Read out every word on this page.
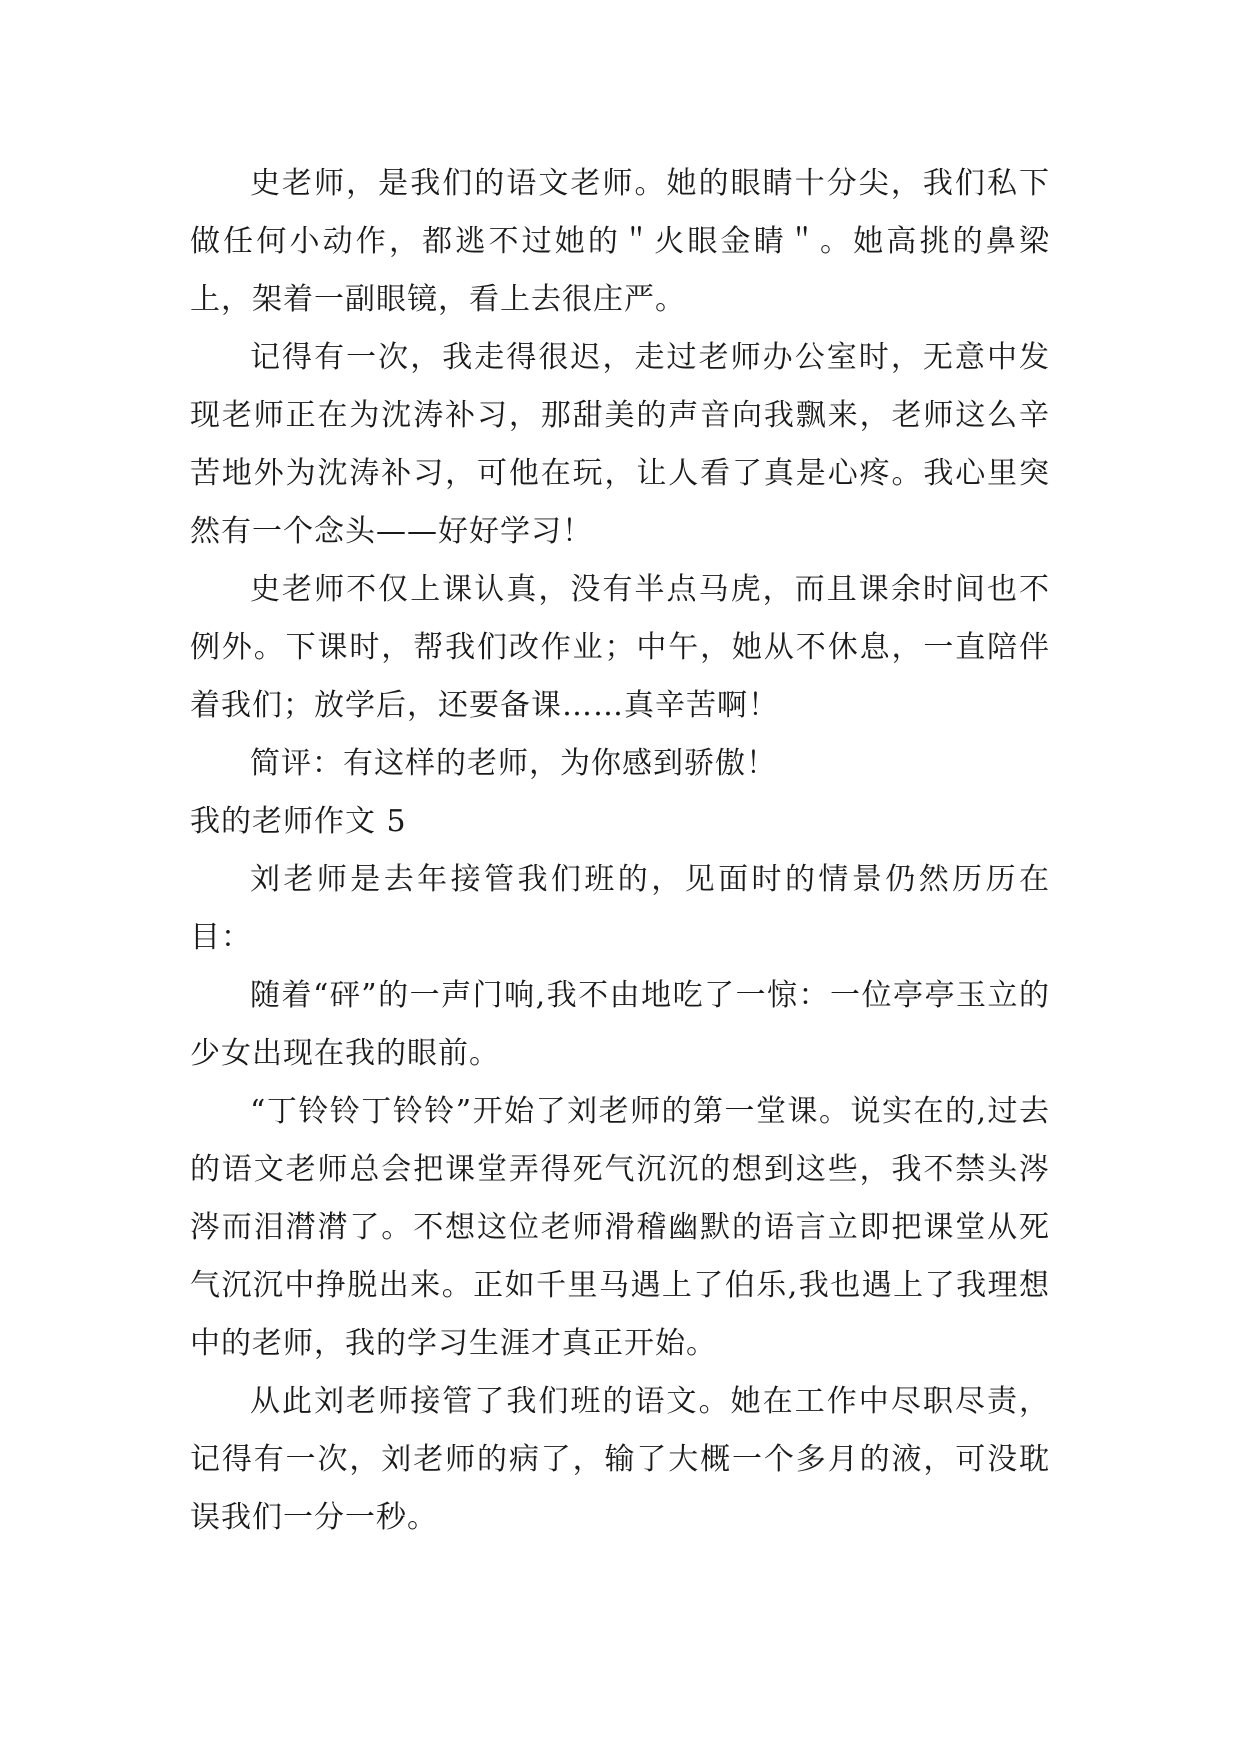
史老师，是我们的语文老师。她的眼睛十分尖，我们私下做任何小动作，都逃不过她的＂火眼金睛＂。她高挑的鼻梁上，架着一副眼镜，看上去很庄严。

记得有一次，我走得很迟，走过老师办公室时，无意中发现老师正在为沈涛补习，那甜美的声音向我飘来，老师这么辛苦地外为沈涛补习，可他在玩，让人看了真是心疼。我心里突然有一个念头——好好学习！

史老师不仅上课认真，没有半点马虎，而且课余时间也不例外。下课时，帮我们改作业；中午，她从不休息，一直陪伴着我们；放学后，还要备课……真辛苦啊！

简评：有这样的老师，为你感到骄傲！

我的老师作文 5

刘老师是去年接管我们班的，见面时的情景仍然历历在目：

随着“砰”的一声门响,我不由地吃了一惊：一位亭亭玉立的少女出现在我的眼前。

“丁铃铃丁铃铃”开始了刘老师的第一堂课。说实在的,过去的语文老师总会把课堂弄得死气沉沉的想到这些，我不禁头涔涔而泪潸潸了。不想这位老师滑稽幽默的语言立即把课堂从死气沉沉中挣脱出来。正如千里马遇上了伯乐,我也遇上了我理想中的老师，我的学习生涯才真正开始。

从此刘老师接管了我们班的语文。她在工作中尽职尽责，记得有一次，刘老师的病了，输了大概一个多月的液，可没耽误我们一分一秒。
